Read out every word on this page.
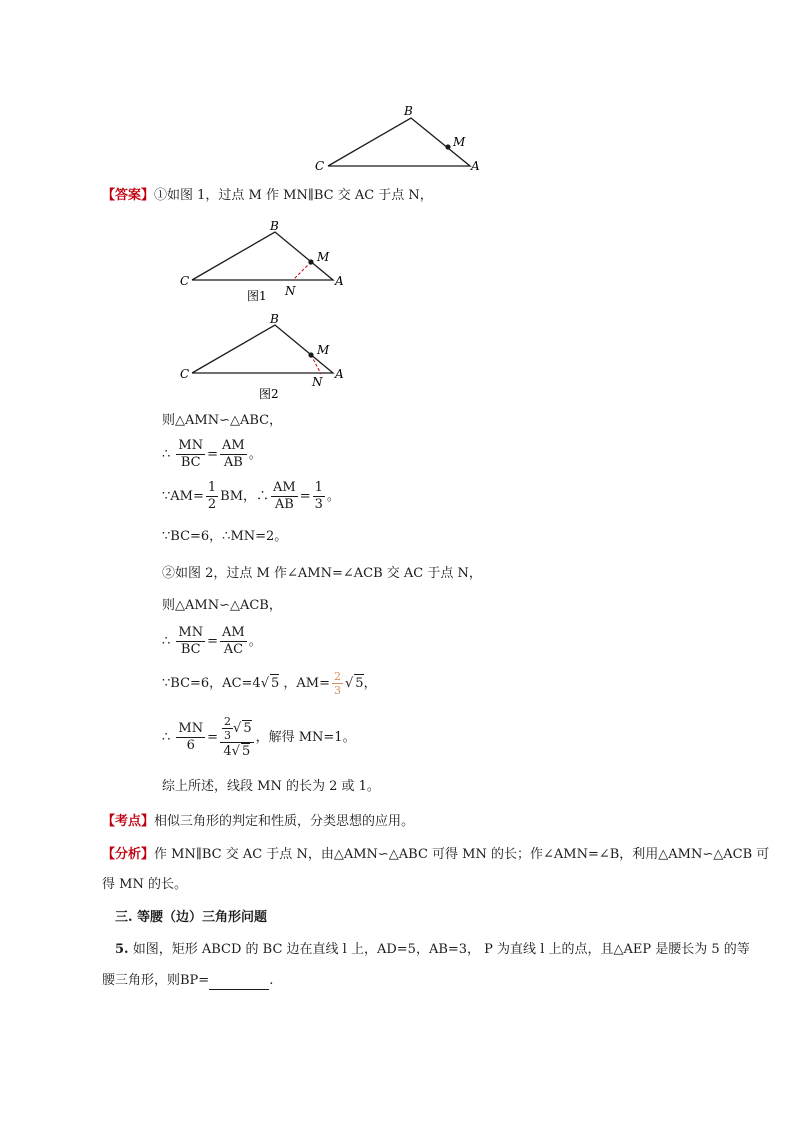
B
M
C	A
【答案】①如图 1，过点 M 作 MN∥BC 交 AC 于点 N，
B
M
C	A
N
图1
B
M
C	A
N
图2
则△AMN∽△ABC，
∴ $\frac{MN}{BC} = \frac{AM}{AB}$ 。
∵AM= $\frac{1}{2}$ BM，∴ $\frac{AM}{AB} = \frac{1}{3}$ 。
∵BC=6，∴MN=2。
②如图 2，过点 M 作∠AMN=∠ACB 交 AC 于点 N，
则△AMN∽△ACB，
∴ $\frac{MN}{BC} = \frac{AM}{AC}$ 。
∵BC=6，AC=4√ 5 ，$AM= \frac{2}{3}$ √ 5，
∴ $\frac{MN}{6} = \frac{\frac{2}{3} √ 5}{4√ 5}$ ，解得 MN=1。
综上所述，线段 MN 的长为 2 或 1。
【考点】相似三角形的判定和性质，分类思想的应用。
【分析】作 MN∥BC 交 AC 于点 N，由△AMN∽△ABC 可得 MN 的长；作∠AMN=∠B，利用△AMN∽△ACB 可
得 MN 的长。
三. 等腰（边）三角形问题
5. 如图，矩形 ABCD 的 BC 边在直线 l 上，AD=5，AB=3， P 为直线 l 上的点，且△AEP 是腰长为 5 的等
腰三角形，则BP=	.
